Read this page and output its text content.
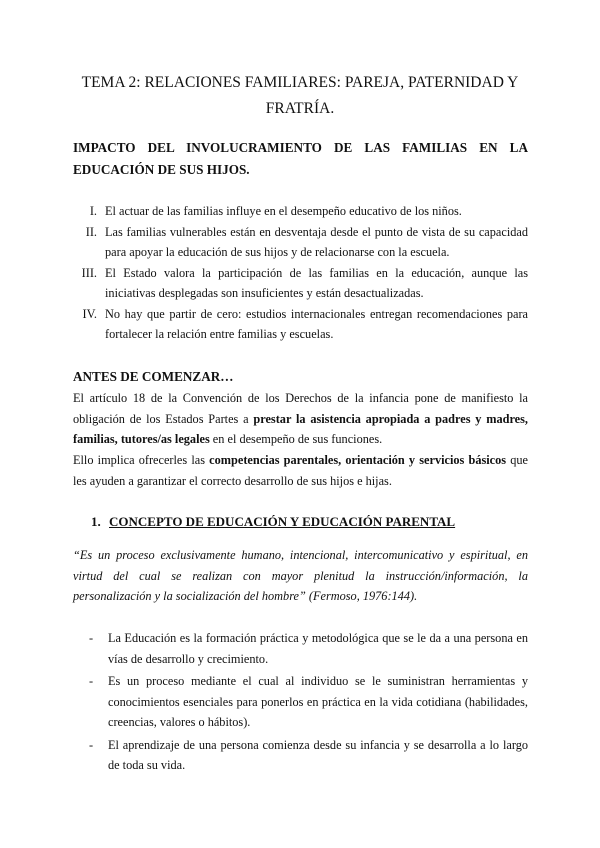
TEMA 2: RELACIONES FAMILIARES: PAREJA, PATERNIDAD Y
FRATRÍA.
IMPACTO DEL INVOLUCRAMIENTO DE LAS FAMILIAS EN LA EDUCACIÓN DE SUS HIJOS.
I. El actuar de las familias influye en el desempeño educativo de los niños.
II. Las familias vulnerables están en desventaja desde el punto de vista de su capacidad para apoyar la educación de sus hijos y de relacionarse con la escuela.
III. El Estado valora la participación de las familias en la educación, aunque las iniciativas desplegadas son insuficientes y están desactualizadas.
IV. No hay que partir de cero: estudios internacionales entregan recomendaciones para fortalecer la relación entre familias y escuelas.
ANTES DE COMENZAR…
El artículo 18 de la Convención de los Derechos de la infancia pone de manifiesto la obligación de los Estados Partes a prestar la asistencia apropiada a padres y madres, familias, tutores/as legales en el desempeño de sus funciones.
Ello implica ofrecerles las competencias parentales, orientación y servicios básicos que les ayuden a garantizar el correcto desarrollo de sus hijos e hijas.
1. CONCEPTO DE EDUCACIÓN Y EDUCACIÓN PARENTAL
“Es un proceso exclusivamente humano, intencional, intercomunicativo y espiritual, en virtud del cual se realizan con mayor plenitud la instrucción/información, la personalización y la socialización del hombre” (Fermoso, 1976:144).
- La Educación es la formación práctica y metodológica que se le da a una persona en vías de desarrollo y crecimiento.
- Es un proceso mediante el cual al individuo se le suministran herramientas y conocimientos esenciales para ponerlos en práctica en la vida cotidiana (habilidades, creencias, valores o hábitos).
- El aprendizaje de una persona comienza desde su infancia y se desarrolla a lo largo de toda su vida.
